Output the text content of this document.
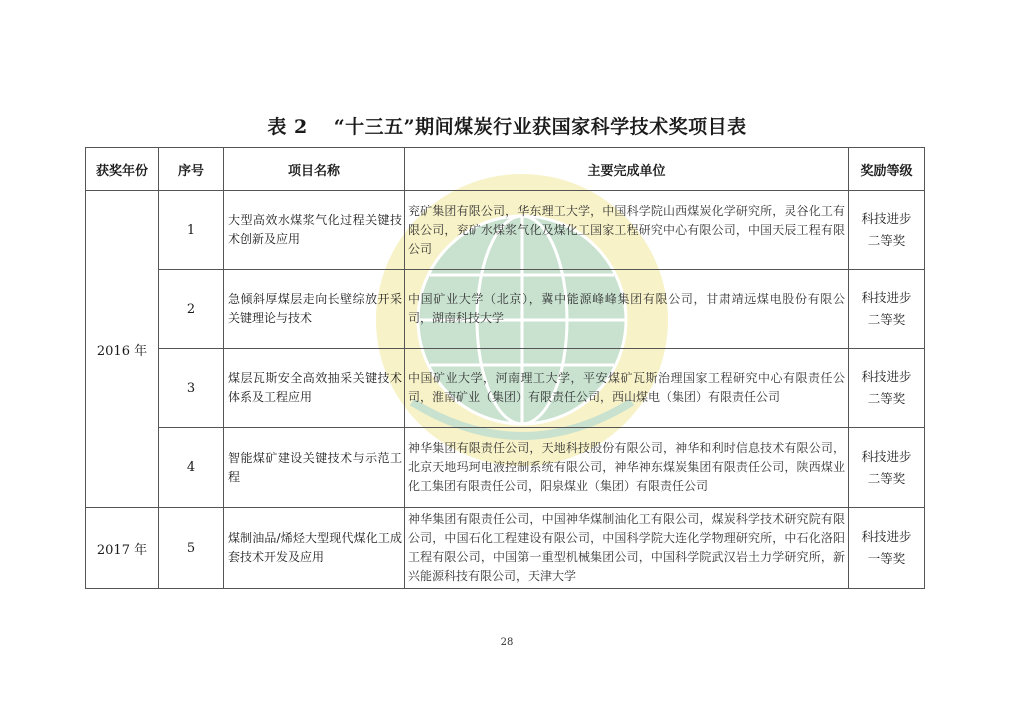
表 2 “十三五”期间煤炭行业获国家科学技术奖项目表
获奖年份	序号	项目名称	主要完成单位	奖励等级
2016 年	1	大型高效水煤浆气化过程关键技术创新及应用	兖矿集团有限公司，华东理工大学，中国科学院山西煤炭化学研究所，灵谷化工有限公司，兖矿水煤浆气化及煤化工国家工程研究中心有限公司，中国天辰工程有限公司	科技进步
二等奖
	2	急倾斜厚煤层走向长壁综放开采关键理论与技术	中国矿业大学（北京），冀中能源峰峰集团有限公司，甘肃靖远煤电股份有限公司，湖南科技大学	科技进步
二等奖
	3	煤层瓦斯安全高效抽采关键技术体系及工程应用	中国矿业大学，河南理工大学，平安煤矿瓦斯治理国家工程研究中心有限责任公司，淮南矿业（集团）有限责任公司，西山煤电（集团）有限责任公司	科技进步
二等奖
	4	智能煤矿建设关键技术与示范工程	神华集团有限责任公司，天地科技股份有限公司，神华和利时信息技术有限公司，北京天地玛珂电液控制系统有限公司，神华神东煤炭集团有限责任公司，陕西煤业化工集团有限责任公司，阳泉煤业（集团）有限责任公司	科技进步
二等奖
2017 年	5	煤制油品/烯烃大型现代煤化工成套技术开发及应用	神华集团有限责任公司，中国神华煤制油化工有限公司，煤炭科学技术研究院有限公司，中国石化工程建设有限公司，中国科学院大连化学物理研究所，中石化洛阳工程有限公司，中国第一重型机械集团公司，中国科学院武汉岩土力学研究所，新兴能源科技有限公司，天津大学	科技进步
一等奖
28
